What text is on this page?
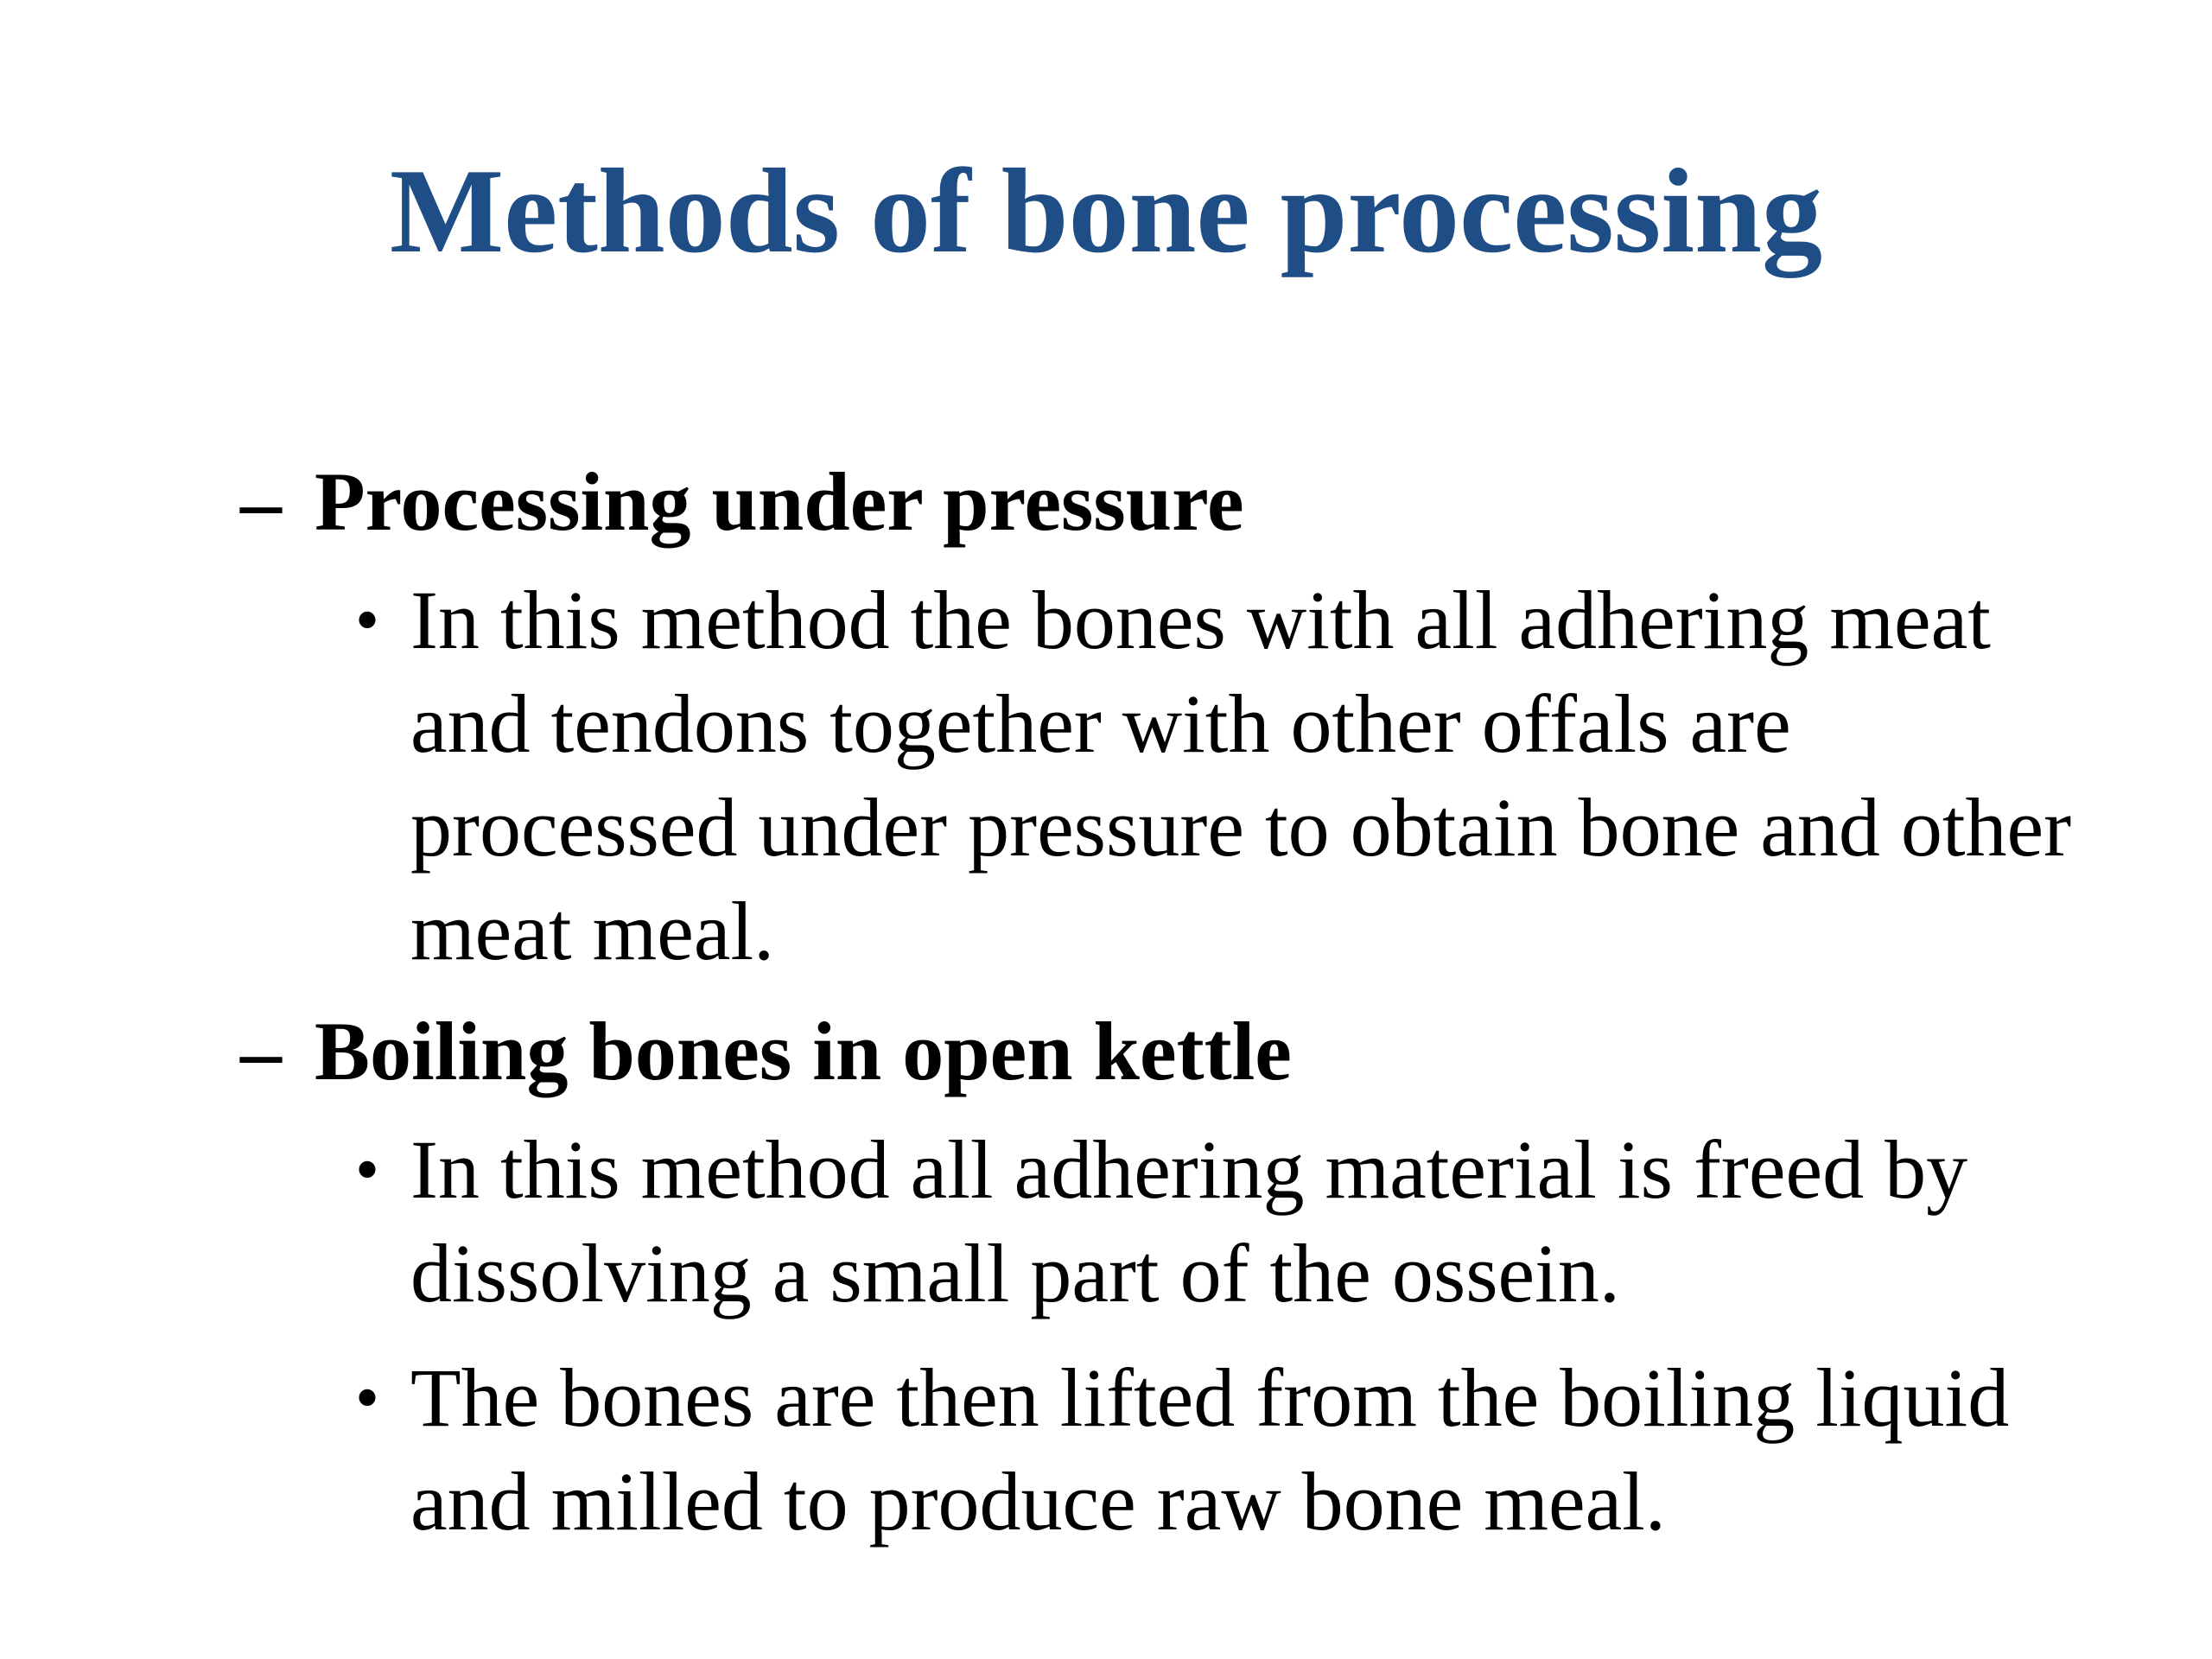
Methods of bone processing
– Processing under pressure
• In this method the bones with all adhering meat and tendons together with other offals are processed under pressure to obtain bone and other meat meal.
– Boiling bones in open kettle
• In this method all adhering material is freed by dissolving a small part of the ossein.
• The bones are then lifted from the boiling liquid and milled to produce raw bone meal.
